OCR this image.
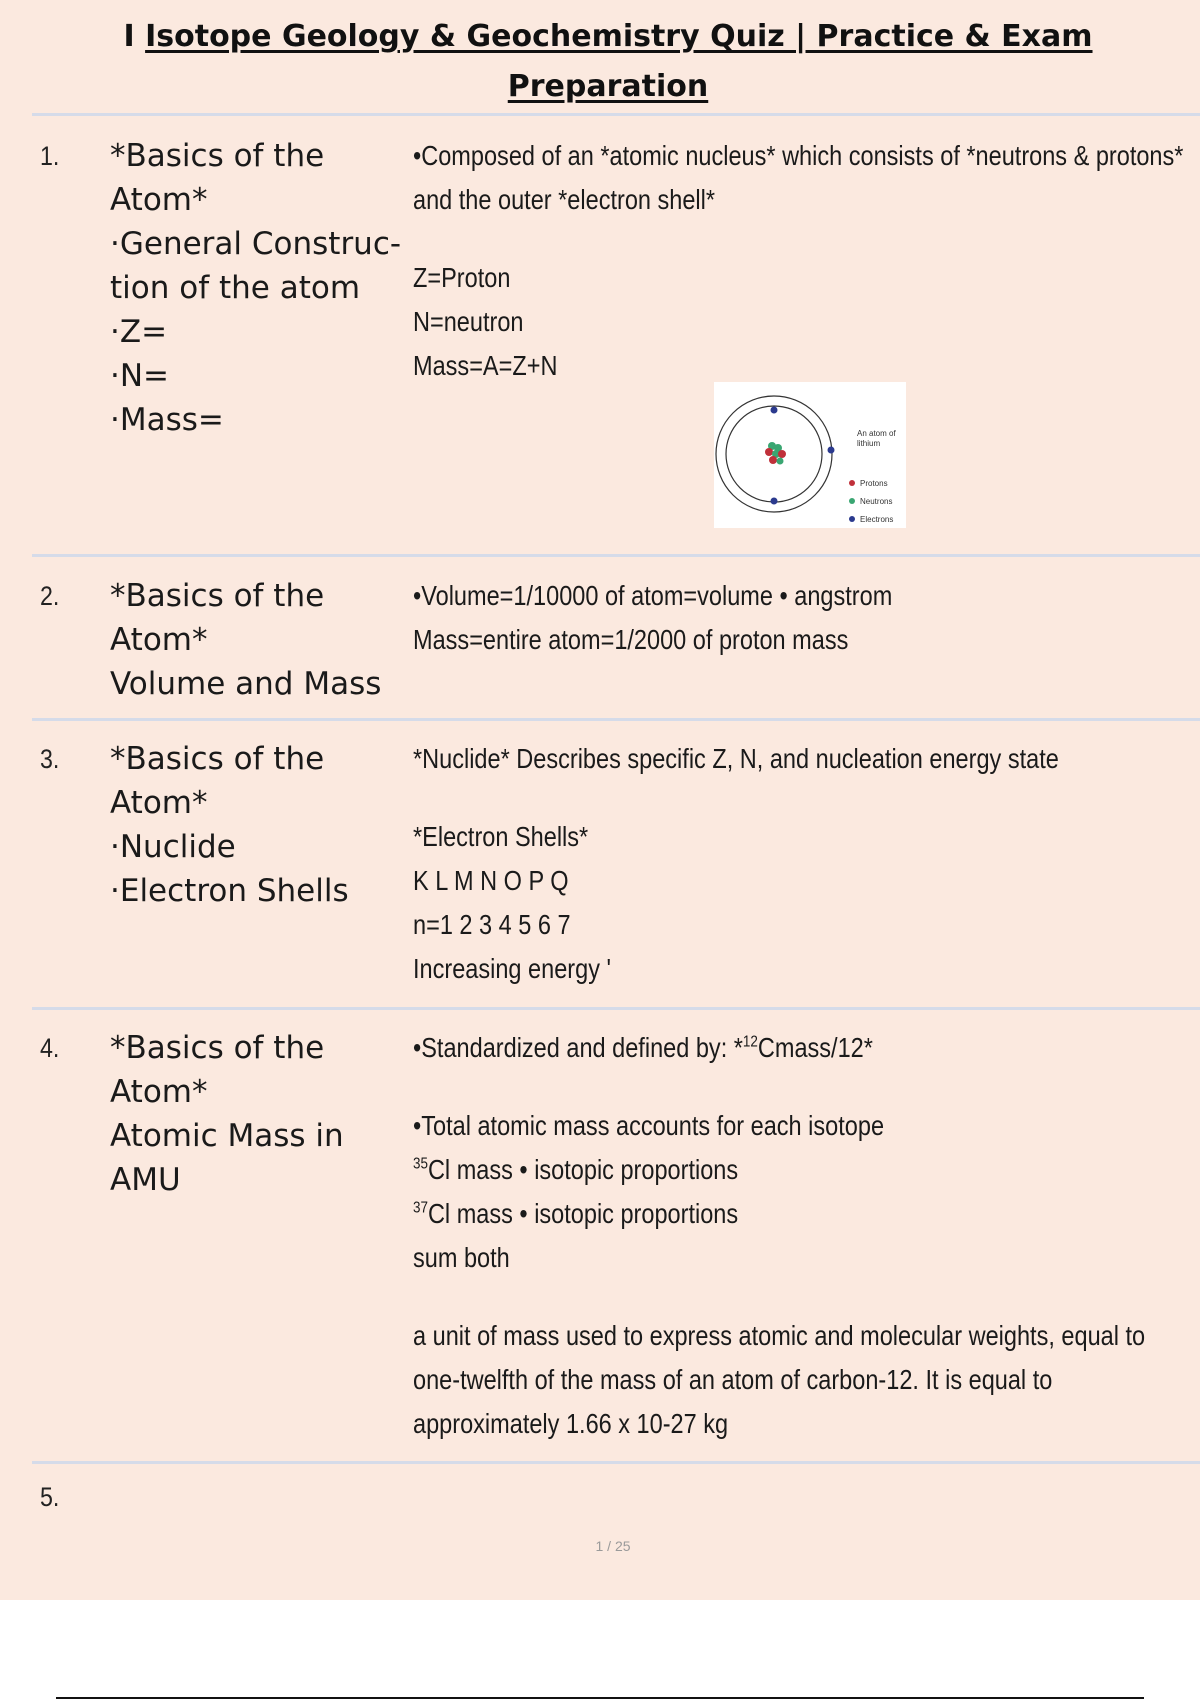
I Isotope Geology & Geochemistry Quiz | Practice & Exam
Preparation
1. *Basics of the
Atom*
·General Construc-
tion of the atom
·Z=
·N=
·Mass=
•Composed of an *atomic nucleus* which consists of *neutrons & protons*
and the outer *electron shell*
Z=Proton
N=neutron
Mass=A=Z+N
An atom of lithium
Protons
Neutrons
Electrons
2. *Basics of the
Atom*
Volume and Mass
•Volume=1/10000 of atom=volume • angstrom
Mass=entire atom=1/2000 of proton mass
3. *Basics of the
Atom*
·Nuclide
·Electron Shells
*Nuclide* Describes specific Z, N, and nucleation energy state
*Electron Shells*
K L M N O P Q
n=1 2 3 4 5 6 7
Increasing energy '
4. *Basics of the
Atom*
Atomic Mass in
AMU
•Standardized and defined by: *$^{12}$Cmass/12*
•Total atomic mass accounts for each isotope
$^{35}$Cl mass • isotopic proportions
$^{37}$Cl mass • isotopic proportions
sum both
a unit of mass used to express atomic and molecular weights, equal to one-twelfth of the mass of an atom of carbon-12. It is equal to approximately 1.66 x 10-27 kg
5.
1 / 25
